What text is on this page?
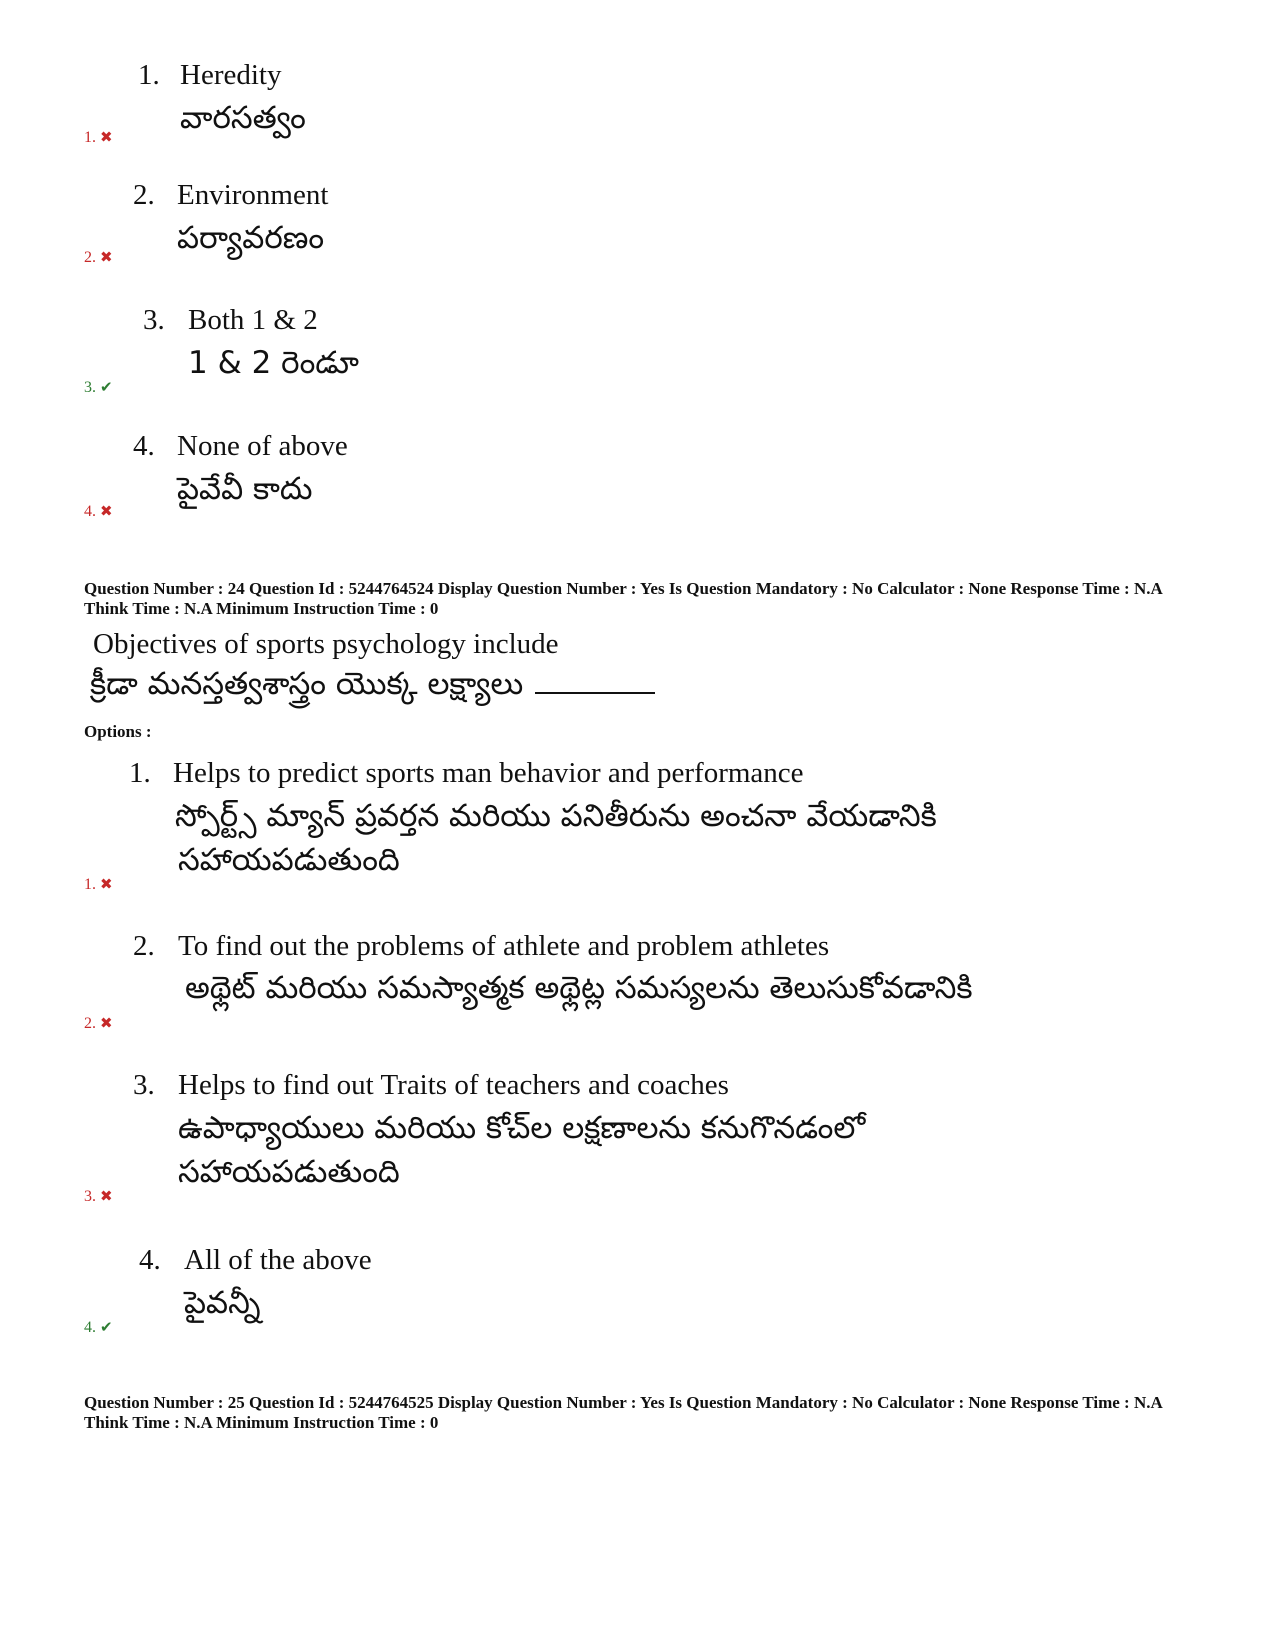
1. Heredity
వారసత్వం
1. ✖
2. Environment
పర్యావరణం
2. ✖
3. Both 1 & 2
1 & 2 రెండూ
3. ✔
4. None of above
పైవేవీ కాదు
4. ✖
Question Number : 24 Question Id : 5244764524 Display Question Number : Yes Is Question Mandatory : No Calculator : None Response Time : N.A Think Time : N.A Minimum Instruction Time : 0
Objectives of sports psychology include
క్రీడా మనస్తత్వశాస్త్రం యొక్క లక్ష్యాలు
Options :
1. Helps to predict sports man behavior and performance
స్పోర్ట్స్ మ్యాన్ ప్రవర్తన మరియు పనితీరును అంచనా వేయడానికి
సహాయపడుతుంది
1. ✖
2. To find out the problems of athlete and problem athletes
అథ్లెట్ మరియు సమస్యాత్మక అథ్లెట్ల సమస్యలను తెలుసుకోవడానికి
2. ✖
3. Helps to find out Traits of teachers and coaches
ఉపాధ్యాయులు మరియు కోచ్‌ల లక్షణాలను కనుగొనడంలో
సహాయపడుతుంది
3. ✖
4. All of the above
పైవన్నీ
4. ✔
Question Number : 25 Question Id : 5244764525 Display Question Number : Yes Is Question Mandatory : No Calculator : None Response Time : N.A Think Time : N.A Minimum Instruction Time : 0
